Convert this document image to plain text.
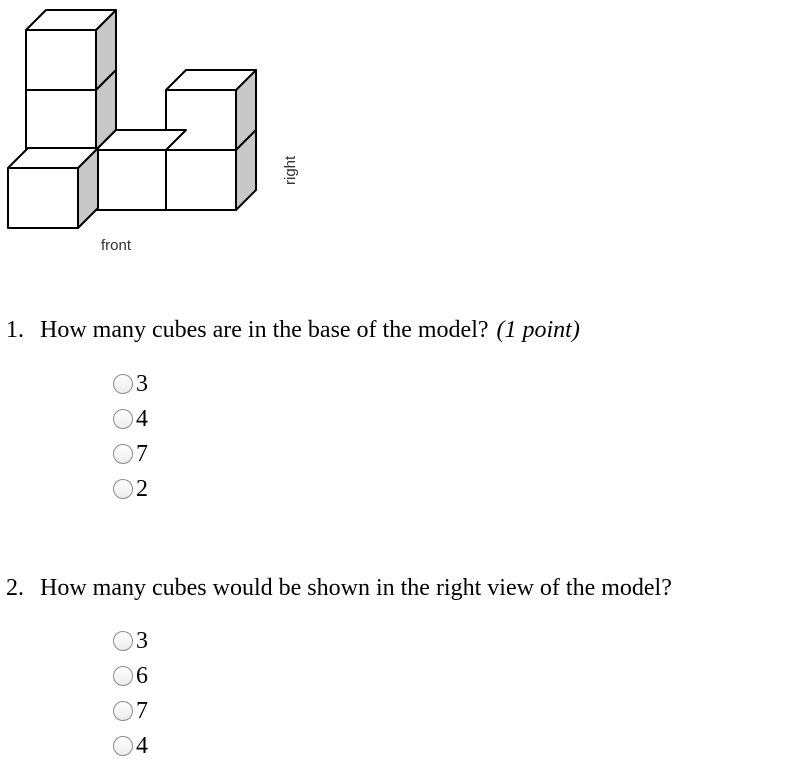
front
right
1. How many cubes are in the base of the model? (1 point)
3
4
7
2
2. How many cubes would be shown in the right view of the model?
3
6
7
4
